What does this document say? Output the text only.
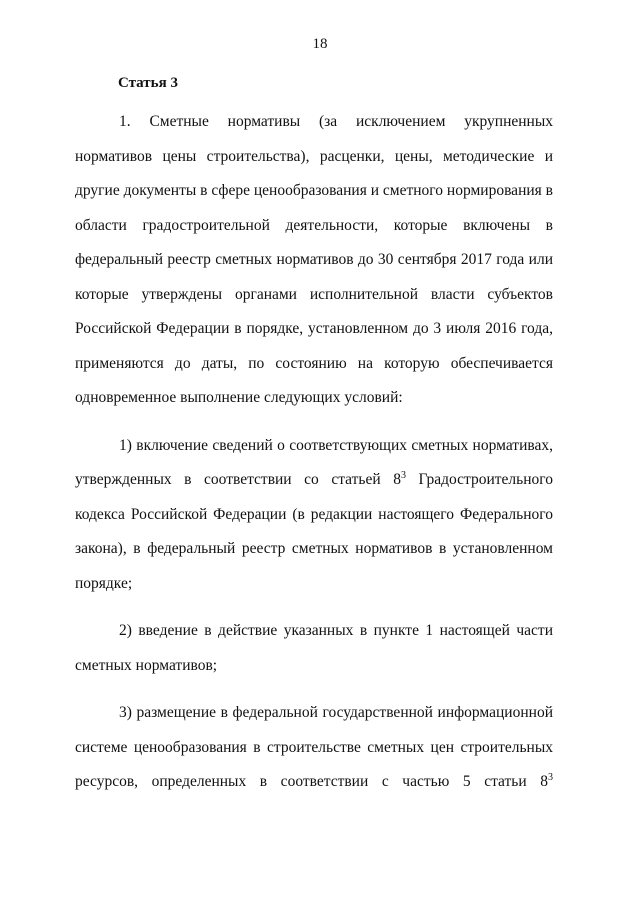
18
Статья 3

1. Сметные нормативы (за исключением укрупненных нормативов цены строительства), расценки, цены, методические и другие документы в сфере ценообразования и сметного нормирования в области градостроительной деятельности, которые включены в федеральный реестр сметных нормативов до 30 сентября 2017 года или которые утверждены органами исполнительной власти субъектов Российской Федерации в порядке, установленном до 3 июля 2016 года, применяются до даты, по состоянию на которую обеспечивается одновременное выполнение следующих условий:

1) включение сведений о соответствующих сметных нормативах, утвержденных в соответствии со статьей $8^3$ Градостроительного кодекса Российской Федерации (в редакции настоящего Федерального закона), в федеральный реестр сметных нормативов в установленном порядке;

2) введение в действие указанных в пункте 1 настоящей части сметных нормативов;

3) размещение в федеральной государственной информационной системе ценообразования в строительстве сметных цен строительных ресурсов, определенных в соответствии с частью 5 статьи $8^3$
